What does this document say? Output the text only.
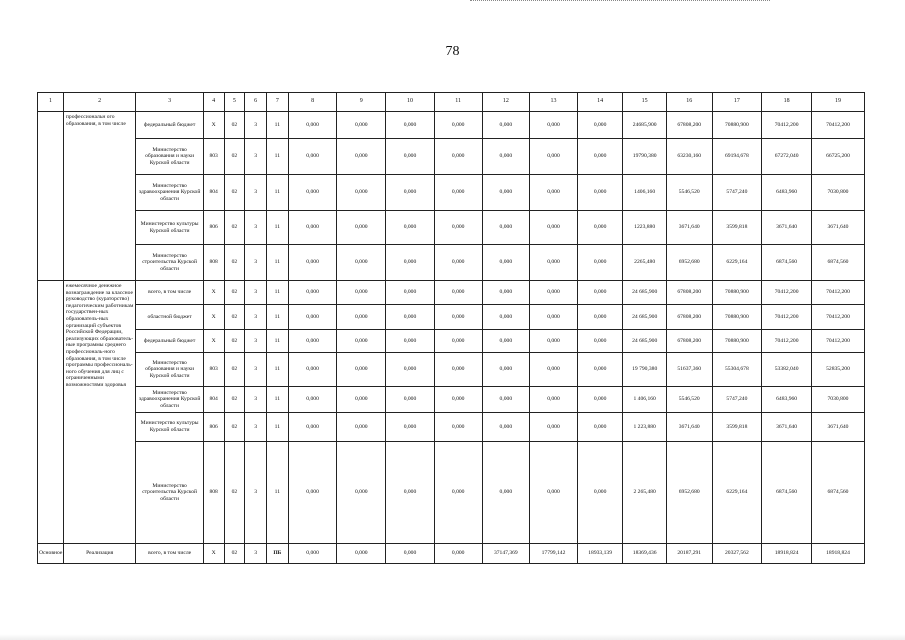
78
1	2	3	4	5	6	7	8	9	10	11	12	13	14	15	16	17	18	19
	профессиональн ого образования, в том числе	федеральный бюджет	X	02	3	11	0,000	0,000	0,000	0,000	0,000	0,000	0,000	24685,900	67808,200	70880,900	70412,200	70412,200
		Министерство образования и науки Курской области	803	02	3	11	0,000	0,000	0,000	0,000	0,000	0,000	0,000	19790,380	63230,160	69194,678	67272,040	66725,200
		Министерство здравоохранения Курской области	804	02	3	11	0,000	0,000	0,000	0,000	0,000	0,000	0,000	1406,160	5546,520	5747,240	6483,960	7030,800
		Министерство культуры Курской области	806	02	3	11	0,000	0,000	0,000	0,000	0,000	0,000	0,000	1223,880	3671,640	3599,818	3671,640	3671,640
		Министерство строительства Курской области	808	02	3	11	0,000	0,000	0,000	0,000	0,000	0,000	0,000	2265,480	6952,680	6229,164	6874,560	6874,560
	ежемесячное денежное вознаграждение за классное руководство (кураторство) педагогическим работникам государствен-ных образователь-ных организаций субъектов Российской Федерации, реализующих образователь-ные программы среднего профессиональ-ного образования, в том числе программы профессиональ-ного обучения для лиц с ограниченными возможностями здоровья	всего, в том числе	X	02	3	11	0,000	0,000	0,000	0,000	0,000	0,000	0,000	24 685,900	67808,200	70880,900	70412,200	70412,200
		областной бюджет	X	02	3	11	0,000	0,000	0,000	0,000	0,000	0,000	0,000	24 685,900	67808,200	70880,900	70412,200	70412,200
		федеральный бюджет	X	02	3	11	0,000	0,000	0,000	0,000	0,000	0,000	0,000	24 685,900	67808,200	70880,900	70412,200	70412,200
		Министерство образования и науки Курской области	803	02	3	11	0,000	0,000	0,000	0,000	0,000	0,000	0,000	19 790,380	51637,360	55304,678	53382,040	52835,200
		Министерство здравоохранения Курской области	804	02	3	11	0,000	0,000	0,000	0,000	0,000	0,000	0,000	1 406,160	5546,520	5747,240	6483,960	7030,800
		Министерство культуры Курской области	806	02	3	11	0,000	0,000	0,000	0,000	0,000	0,000	0,000	1 223,880	3671,640	3599,818	3671,640	3671,640
		Министерство строительства Курской области	808	02	3	11	0,000	0,000	0,000	0,000	0,000	0,000	0,000	2 265,480	6952,680	6229,164	6874,560	6874,560
Основное	Реализация	всего, в том числе	X	02	3	ПБ	0,000	0,000	0,000	0,000	37147,369	17799,142	18933,139	18369,436	20187,291	20327,562	18918,824	18918,824
